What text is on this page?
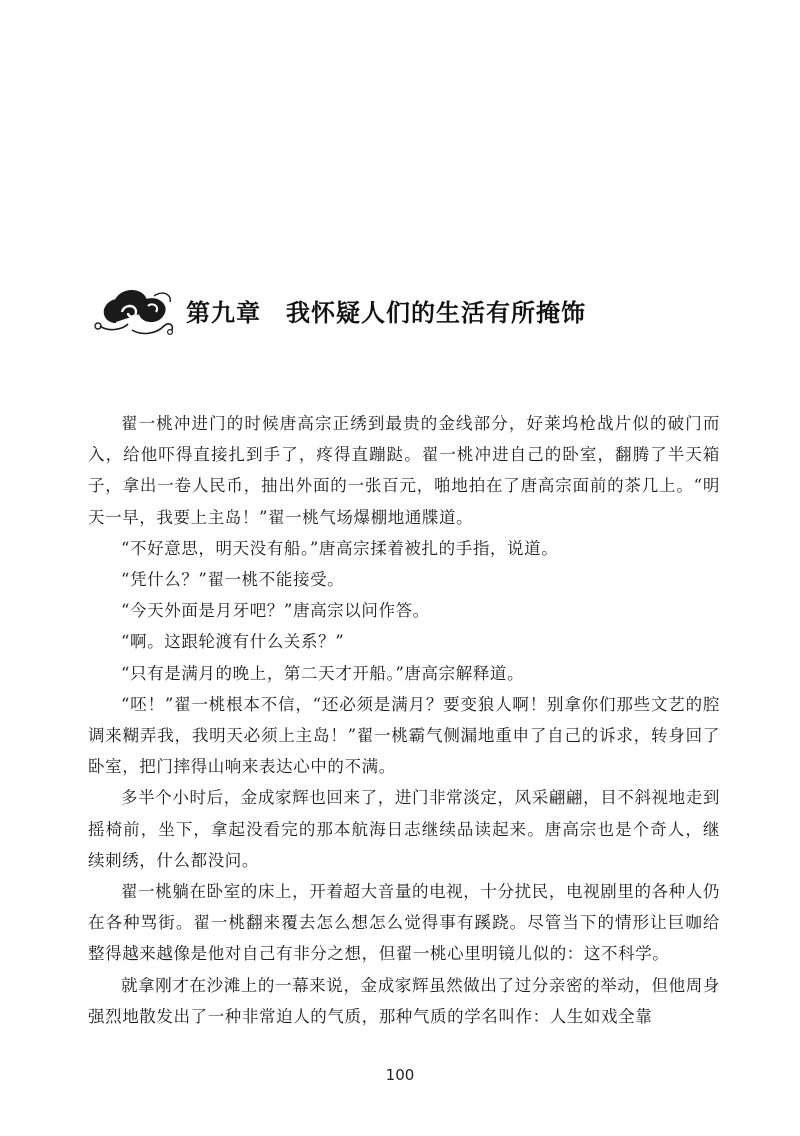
第九章　我怀疑人们的生活有所掩饰

翟一桃冲进门的时候唐高宗正绣到最贵的金线部分，好莱坞枪战片似的破门而入，给他吓得直接扎到手了，疼得直蹦跶。翟一桃冲进自己的卧室，翻腾了半天箱子，拿出一卷人民币，抽出外面的一张百元，啪地拍在了唐高宗面前的茶几上。“明天一早，我要上主岛！”翟一桃气场爆棚地通牒道。

“不好意思，明天没有船。”唐高宗揉着被扎的手指，说道。

“凭什么？”翟一桃不能接受。

“今天外面是月牙吧？”唐高宗以问作答。

“啊。这跟轮渡有什么关系？”

“只有是满月的晚上，第二天才开船。”唐高宗解释道。

“呸！”翟一桃根本不信，“还必须是满月？要变狼人啊！别拿你们那些文艺的腔调来糊弄我，我明天必须上主岛！”翟一桃霸气侧漏地重申了自己的诉求，转身回了卧室，把门摔得山响来表达心中的不满。

多半个小时后，金成家辉也回来了，进门非常淡定，风采翩翩，目不斜视地走到摇椅前，坐下，拿起没看完的那本航海日志继续品读起来。唐高宗也是个奇人，继续刺绣，什么都没问。

翟一桃躺在卧室的床上，开着超大音量的电视，十分扰民，电视剧里的各种人仍在各种骂街。翟一桃翻来覆去怎么想怎么觉得事有蹊跷。尽管当下的情形让巨咖给整得越来越像是他对自己有非分之想，但翟一桃心里明镜儿似的：这不科学。

就拿刚才在沙滩上的一幕来说，金成家辉虽然做出了过分亲密的举动，但他周身强烈地散发出了一种非常迫人的气质，那种气质的学名叫作：人生如戏全靠

100
